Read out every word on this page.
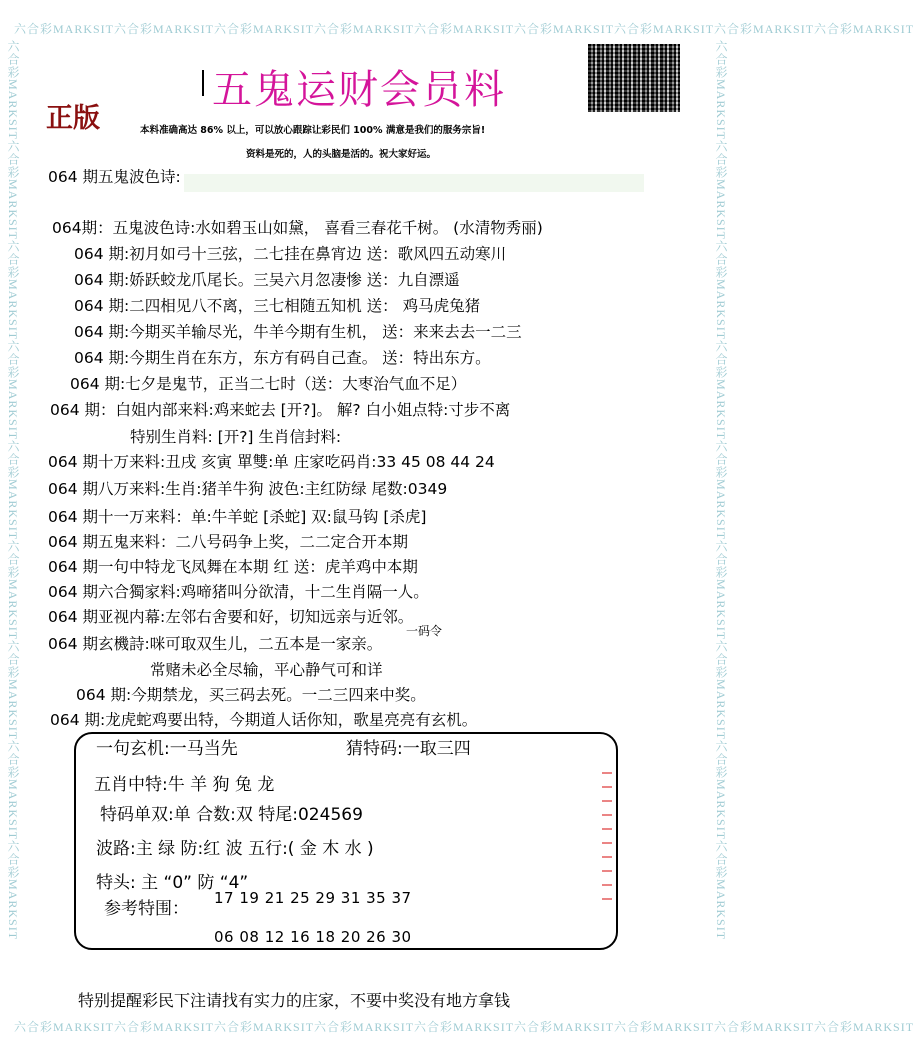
六合彩MARKSIT六合彩MARKSIT六合彩MARKSIT六合彩MARKSIT六合彩MARKSIT六合彩MARKSIT六合彩MARKSIT六合彩MARKSIT六合彩MARKSIT
六合彩MARKSIT六合彩MARKSIT六合彩MARKSIT六合彩MARKSIT六合彩MARKSIT六合彩MARKSIT六合彩MARKSIT六合彩MARKSIT六合彩MARKSIT
六合彩MARKSIT六合彩MARKSIT六合彩MARKSIT六合彩MARKSIT六合彩MARKSIT六合彩MARKSIT六合彩MARKSIT六合彩MARKSIT六合彩MARKSIT	六合彩MARKSIT六合彩MARKSIT六合彩MARKSIT六合彩MARKSIT六合彩MARKSIT六合彩MARKSIT六合彩MARKSIT六合彩MARKSIT六合彩MARKSIT
正版
五鬼运财会员料
本料准确高达 86% 以上，可以放心跟踪让彩民们 100% 满意是我们的服务宗旨!
资料是死的，人的头脑是活的。祝大家好运。
064 期五鬼波色诗:
064期：五鬼波色诗:水如碧玉山如黛， 喜看三春花千树。 (水清物秀丽)
064 期:初月如弓十三弦，二七挂在鼻宵边 送：歌风四五动寒川
064 期:娇跃蛟龙爪尾长。三吴六月忽凄惨 送：九自漂遥
064 期:二四相见八不离，三七相随五知机 送： 鸡马虎兔猪
064 期:今期买羊输尽光，牛羊今期有生机， 送：来来去去一二三
064 期:今期生肖在东方，东方有码自己查。 送：特出东方。
064 期:七夕是鬼节，正当二七时（送：大枣治气血不足）
064 期：白姐内部来料:鸡来蛇去 [开?]。 解? 白小姐点特:寸步不离
特别生肖料: [开?] 生肖信封料:
064 期十万来料:丑戌 亥寅 單雙:单 庄家吃码肖:33 45 08 44 24
064 期八万来料:生肖:猪羊牛狗 波色:主红防绿 尾数:0349
064 期十一万来料：单:牛羊蛇 [杀蛇] 双:鼠马钩 [杀虎]
064 期五鬼来料：二八号码争上奖，二二定合开本期
064 期一句中特龙飞凤舞在本期 红 送：虎羊鸡中本期
064 期六合獨家料:鸡啼猪叫分欲清，十二生肖隔一人。
064 期亚视内幕:左邻右舍要和好，切知远亲与近邻。
一码令
064 期玄機詩:咪可取双生儿，二五本是一家亲。
常赌未必全尽输，平心静气可和详
064 期:今期禁龙，买三码去死。一二三四来中奖。
064 期:龙虎蛇鸡要出特，今期道人话你知，歌星亮亮有玄机。
一句玄机:一马当先	猜特码:一取三四
五肖中特:牛 羊 狗 兔 龙
特码单双:单 合数:双 特尾:024569
波路:主 绿 防:红 波 五行:( 金 木 水 )
特头: 主 “0” 防 “4”
参考特围：
17 19 21 25 29 31 35 37
06 08 12 16 18 20 26 30
特别提醒彩民下注请找有实力的庄家，不要中奖没有地方拿钱
